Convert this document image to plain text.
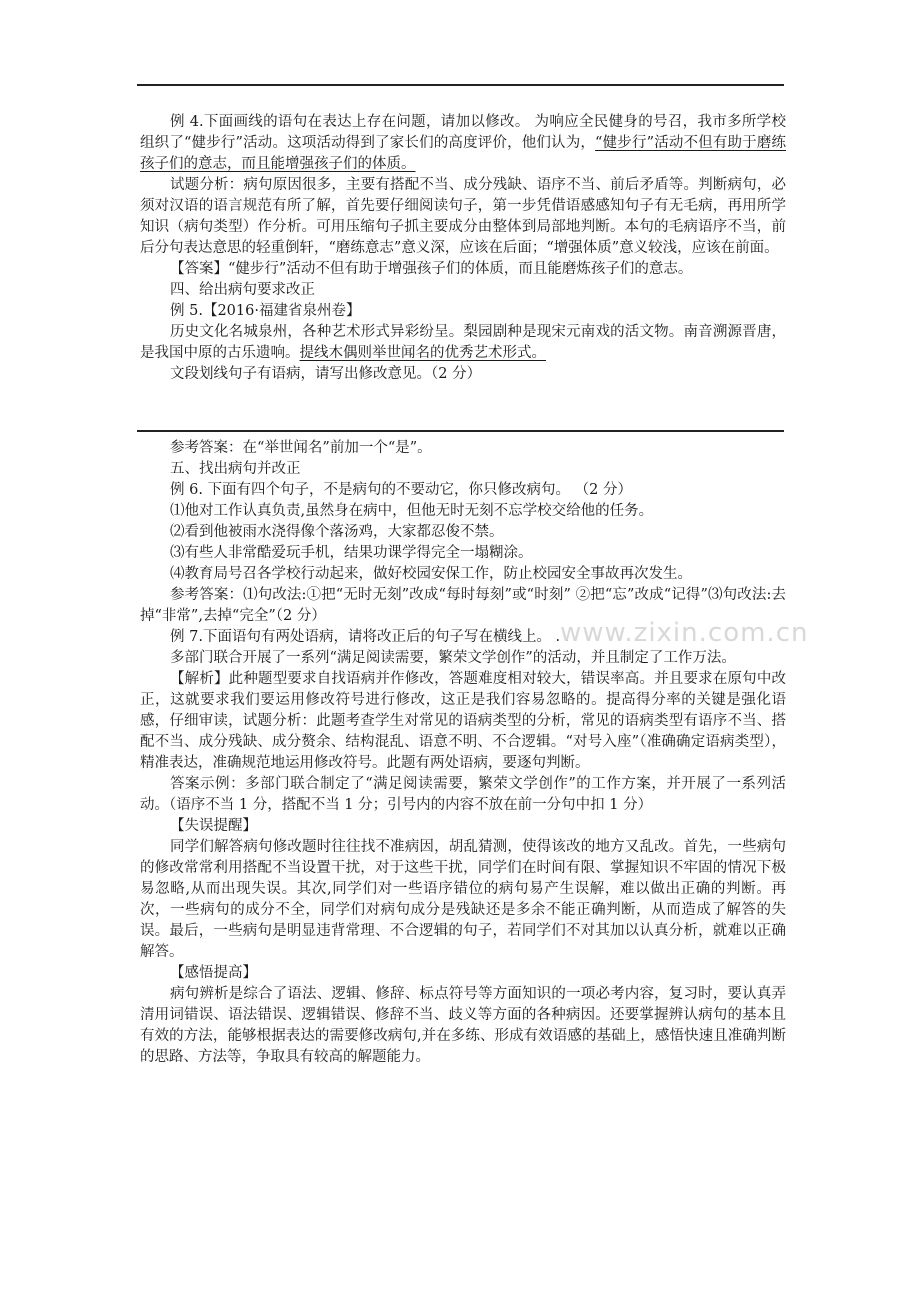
例 4.下面画线的语句在表达上存在问题，请加以修改。 为响应全民健身的号召，我市多所学校组织了“健步行”活动。这项活动得到了家长们的高度评价，他们认为，“健步行”活动不但有助于磨练孩子们的意志，而且能增强孩子们的体质。

试题分析：病句原因很多，主要有搭配不当、成分残缺、语序不当、前后矛盾等。判断病句，必须对汉语的语言规范有所了解，首先要仔细阅读句子，第一步凭借语感感知句子有无毛病，再用所学知识（病句类型）作分析。可用压缩句子抓主要成分由整体到局部地判断。本句的毛病语序不当，前后分句表达意思的轻重倒轩，“磨练意志”意义深，应该在后面；“增强体质”意义较浅，应该在前面。

【答案】“健步行”活动不但有助于增强孩子们的体质，而且能磨炼孩子们的意志。

四、给出病句要求改正

例 5.【2016·福建省泉州卷】

历史文化名城泉州，各种艺术形式异彩纷呈。梨园剧种是现宋元南戏的活文物。南音溯源晋唐，是我国中原的古乐遗响。提线木偶则举世闻名的优秀艺术形式。

文段划线句子有语病，请写出修改意见。（2 分）

参考答案：在“举世闻名”前加一个“是”。

五、找出病句并改正

例 6. 下面有四个句子，不是病句的不要动它，你只修改病句。 （2 分）

⑴他对工作认真负责,虽然身在病中，但他无时无刻不忘学校交给他的任务。

⑵看到他被雨水浇得像个落汤鸡，大家都忍俊不禁。

⑶有些人非常酷爱玩手机，结果功课学得完全一塌糊涂。

⑷教育局号召各学校行动起来，做好校园安保工作，防止校园安全事故再次发生。

参考答案：⑴句改法:①把“无时无刻”改成“每时每刻”或“时刻” ②把“忘”改成“记得”⑶句改法:去掉“非常”,去掉“完全”（2 分）

例 7.下面语句有两处语病，请将改正后的句子写在横线上。 . .

多部门联合开展了一系列“满足阅读需要，繁荣文学创作”的活动，并且制定了工作万法。

【解析】此种题型要求自找语病并作修改，答题难度相对较大，错误率高。并且要求在原句中改正，这就要求我们要运用修改符号进行修改，这正是我们容易忽略的。提高得分率的关键是强化语感，仔细审读，试题分析：此题考查学生对常见的语病类型的分析，常见的语病类型有语序不当、搭配不当、成分残缺、成分赘余、结构混乱、语意不明、不合逻辑。“对号入座”（准确确定语病类型），精准表达，准确规范地运用修改符号。此题有两处语病，要逐句判断。

答案示例：多部门联合制定了“满足阅读需要，繁荣文学创作”的工作方案，并开展了一系列活动。（语序不当 1 分，搭配不当 1 分；引号内的内容不放在前一分句中扣 1 分）

【失误提醒】

同学们解答病句修改题时往往找不准病因，胡乱猜测，使得该改的地方又乱改。首先，一些病句的修改常常利用搭配不当设置干扰，对于这些干扰，同学们在时间有限、掌握知识不牢固的情况下极易忽略,从而出现失误。其次,同学们对一些语序错位的病句易产生误解，难以做出正确的判断。再次，一些病句的成分不全，同学们对病句成分是残缺还是多余不能正确判断，从而造成了解答的失误。最后，一些病句是明显违背常理、不合逻辑的句子，若同学们不对其加以认真分析，就难以正确解答。

【感悟提高】

病句辨析是综合了语法、逻辑、修辞、标点符号等方面知识的一项必考内容，复习时，要认真弄清用词错误、语法错误、逻辑错误、修辞不当、歧义等方面的各种病因。还要掌握辨认病句的基本且有效的方法，能够根据表达的需要修改病句,并在多练、形成有效语感的基础上，感悟快速且准确判断的思路、方法等，争取具有较高的解题能力。

www.zixin.com.cn
